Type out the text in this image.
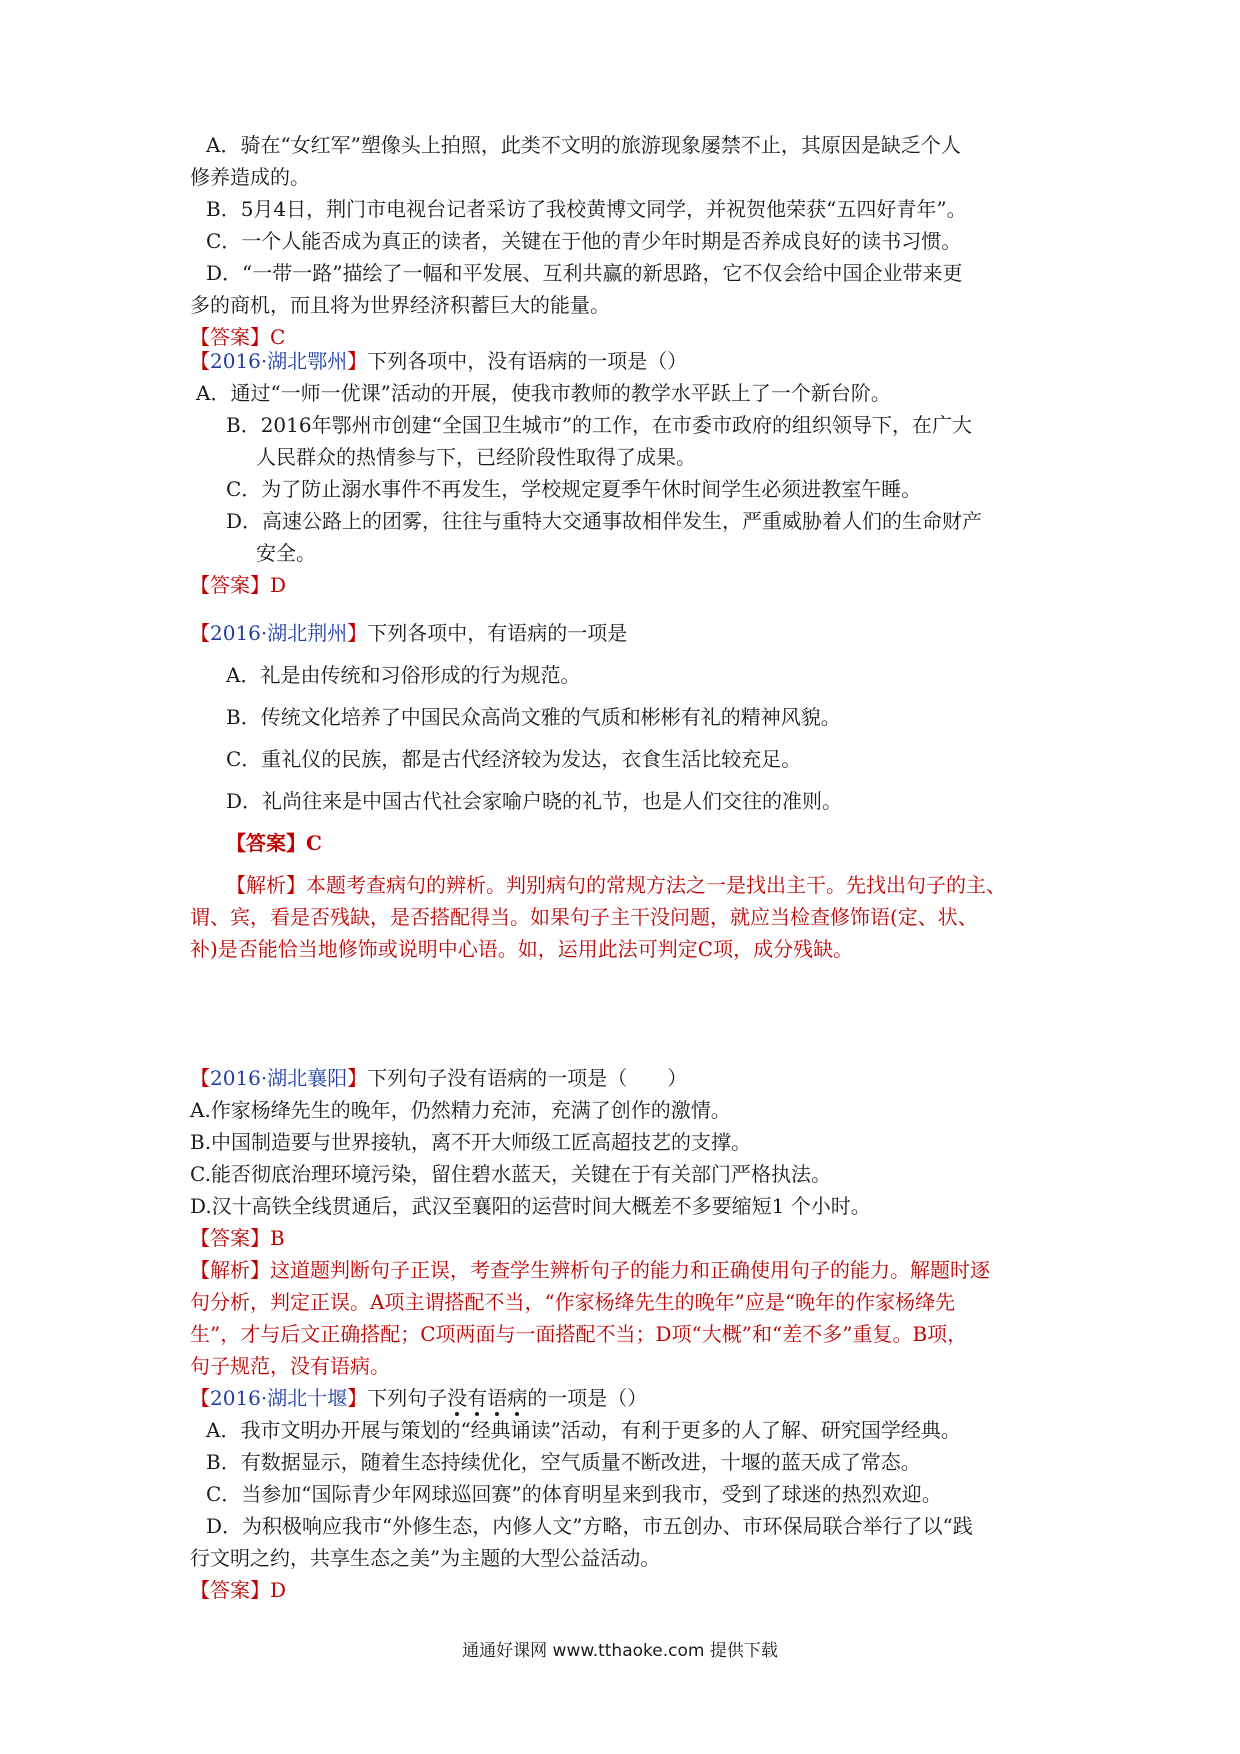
A．骑在“女红军”塑像头上拍照，此类不文明的旅游现象屡禁不止，其原因是缺乏个人
修养造成的。
B．5月4日，荆门市电视台记者采访了我校黄博文同学，并祝贺他荣获“五四好青年”。
C．一个人能否成为真正的读者，关键在于他的青少年时期是否养成良好的读书习惯。
D．“一带一路”描绘了一幅和平发展、互利共赢的新思路，它不仅会给中国企业带来更
多的商机，而且将为世界经济积蓄巨大的能量。
【答案】C
【2016·湖北鄂州】下列各项中，没有语病的一项是（）
A．通过“一师一优课”活动的开展，使我市教师的教学水平跃上了一个新台阶。
B．2016年鄂州市创建“全国卫生城市”的工作，在市委市政府的组织领导下，在广大
人民群众的热情参与下，已经阶段性取得了成果。
C．为了防止溺水事件不再发生，学校规定夏季午休时间学生必须进教室午睡。
D．高速公路上的团雾，往往与重特大交通事故相伴发生，严重威胁着人们的生命财产
安全。
【答案】D
【2016·湖北荆州】下列各项中，有语病的一项是
A．礼是由传统和习俗形成的行为规范。
B．传统文化培养了中国民众高尚文雅的气质和彬彬有礼的精神风貌。
C．重礼仪的民族，都是古代经济较为发达，衣食生活比较充足。
D．礼尚往来是中国古代社会家喻户晓的礼节，也是人们交往的准则。
【答案】C
【解析】本题考查病句的辨析。判别病句的常规方法之一是找出主干。先找出句子的主、
谓、宾，看是否残缺，是否搭配得当。如果句子主干没问题，就应当检查修饰语(定、状、
补)是否能恰当地修饰或说明中心语。如，运用此法可判定C项，成分残缺。
【2016·湖北襄阳】下列句子没有语病的一项是（　　）
A.作家杨绛先生的晚年，仍然精力充沛，充满了创作的激情。
B.中国制造要与世界接轨，离不开大师级工匠高超技艺的支撑。
C.能否彻底治理环境污染，留住碧水蓝天，关键在于有关部门严格执法。
D.汉十高铁全线贯通后，武汉至襄阳的运营时间大概差不多要缩短1 个小时。
【答案】B
【解析】这道题判断句子正误，考查学生辨析句子的能力和正确使用句子的能力。解题时逐
句分析，判定正误。A项主谓搭配不当，“作家杨绛先生的晚年”应是“晚年的作家杨绛先
生”，才与后文正确搭配；C项两面与一面搭配不当；D项“大概”和“差不多”重复。B项，
句子规范，没有语病。
【2016·湖北十堰】下列句子没有语病的一项是（）
A．我市文明办开展与策划的“经典诵读”活动，有利于更多的人了解、研究国学经典。
B．有数据显示，随着生态持续优化，空气质量不断改进，十堰的蓝天成了常态。
C．当参加“国际青少年网球巡回赛”的体育明星来到我市，受到了球迷的热烈欢迎。
D．为积极响应我市“外修生态，内修人文”方略，市五创办、市环保局联合举行了以“践
行文明之约，共享生态之美”为主题的大型公益活动。
【答案】D
通通好课网 www.tthaoke.com 提供下载
